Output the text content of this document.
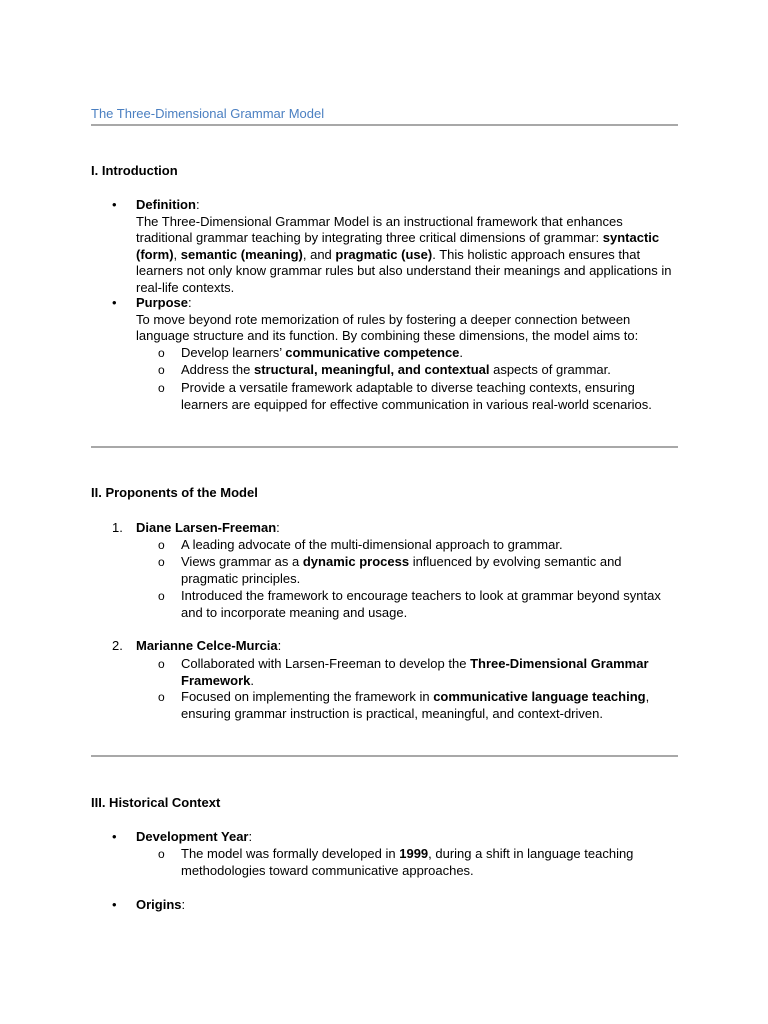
The Three-Dimensional Grammar Model
I. Introduction
• Definition:
The Three-Dimensional Grammar Model is an instructional framework that enhances traditional grammar teaching by integrating three critical dimensions of grammar: syntactic (form), semantic (meaning), and pragmatic (use). This holistic approach ensures that learners not only know grammar rules but also understand their meanings and applications in real-life contexts.
• Purpose:
To move beyond rote memorization of rules by fostering a deeper connection between language structure and its function. By combining these dimensions, the model aims to:
o Develop learners’ communicative competence.
o Address the structural, meaningful, and contextual aspects of grammar.
o Provide a versatile framework adaptable to diverse teaching contexts, ensuring learners are equipped for effective communication in various real-world scenarios.
II. Proponents of the Model
1. Diane Larsen-Freeman:
o A leading advocate of the multi-dimensional approach to grammar.
o Views grammar as a dynamic process influenced by evolving semantic and pragmatic principles.
o Introduced the framework to encourage teachers to look at grammar beyond syntax and to incorporate meaning and usage.
2. Marianne Celce-Murcia:
o Collaborated with Larsen-Freeman to develop the Three-Dimensional Grammar Framework.
o Focused on implementing the framework in communicative language teaching, ensuring grammar instruction is practical, meaningful, and context-driven.
III. Historical Context
• Development Year:
o The model was formally developed in 1999, during a shift in language teaching methodologies toward communicative approaches.
• Origins:
